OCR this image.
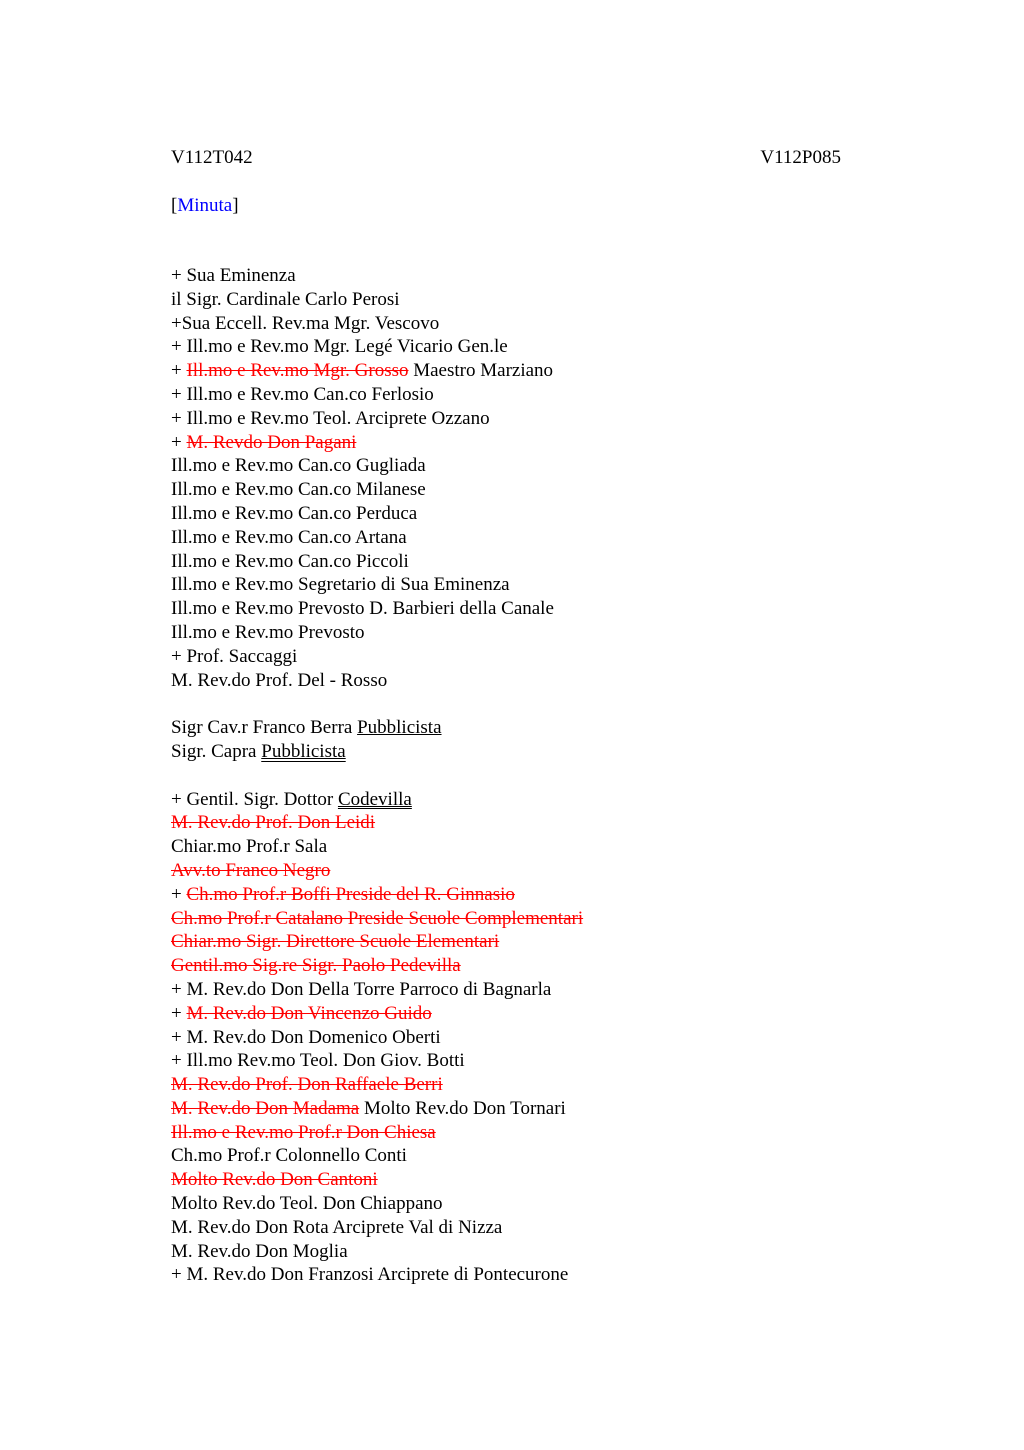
V112T042	V112P085
[Minuta]
+ Sua Eminenza
il Sigr. Cardinale Carlo Perosi
+Sua Eccell. Rev.ma Mgr. Vescovo
+ Ill.mo e Rev.mo Mgr. Legé Vicario Gen.le
+ Ill.mo e Rev.mo Mgr. Grosso Maestro Marziano
+ Ill.mo e Rev.mo Can.co Ferlosio
+ Ill.mo e Rev.mo Teol. Arciprete Ozzano
+ M. Revdo Don Pagani
Ill.mo e Rev.mo Can.co Gugliada
Ill.mo e Rev.mo Can.co Milanese
Ill.mo e Rev.mo Can.co Perduca
Ill.mo e Rev.mo Can.co Artana
Ill.mo e Rev.mo Can.co Piccoli
Ill.mo e Rev.mo Segretario di Sua Eminenza
Ill.mo e Rev.mo Prevosto D. Barbieri della Canale
Ill.mo e Rev.mo Prevosto
+ Prof. Saccaggi
M. Rev.do Prof. Del - Rosso
Sigr Cav.r Franco Berra Pubblicista
Sigr. Capra Pubblicista
+ Gentil. Sigr. Dottor Codevilla
M. Rev.do Prof. Don Leidi
Chiar.mo Prof.r Sala
Avv.to Franco Negro
+ Ch.mo Prof.r Boffi Preside del R. Ginnasio
Ch.mo Prof.r Catalano Preside Scuole Complementari
Chiar.mo Sigr. Direttore Scuole Elementari
Gentil.mo Sig.re Sigr. Paolo Pedevilla
+ M. Rev.do Don Della Torre Parroco di Bagnarla
+ M. Rev.do Don Vincenzo Guido
+ M. Rev.do Don Domenico Oberti
+ Ill.mo Rev.mo Teol. Don Giov. Botti
M. Rev.do Prof. Don Raffaele Berri
M. Rev.do Don Madama Molto Rev.do Don Tornari
Ill.mo e Rev.mo Prof.r Don Chiesa
Ch.mo Prof.r Colonnello Conti
Molto Rev.do Don Cantoni
Molto Rev.do Teol. Don Chiappano
M. Rev.do Don Rota Arciprete Val di Nizza
M. Rev.do Don Moglia
+ M. Rev.do Don Franzosi Arciprete di Pontecurone
